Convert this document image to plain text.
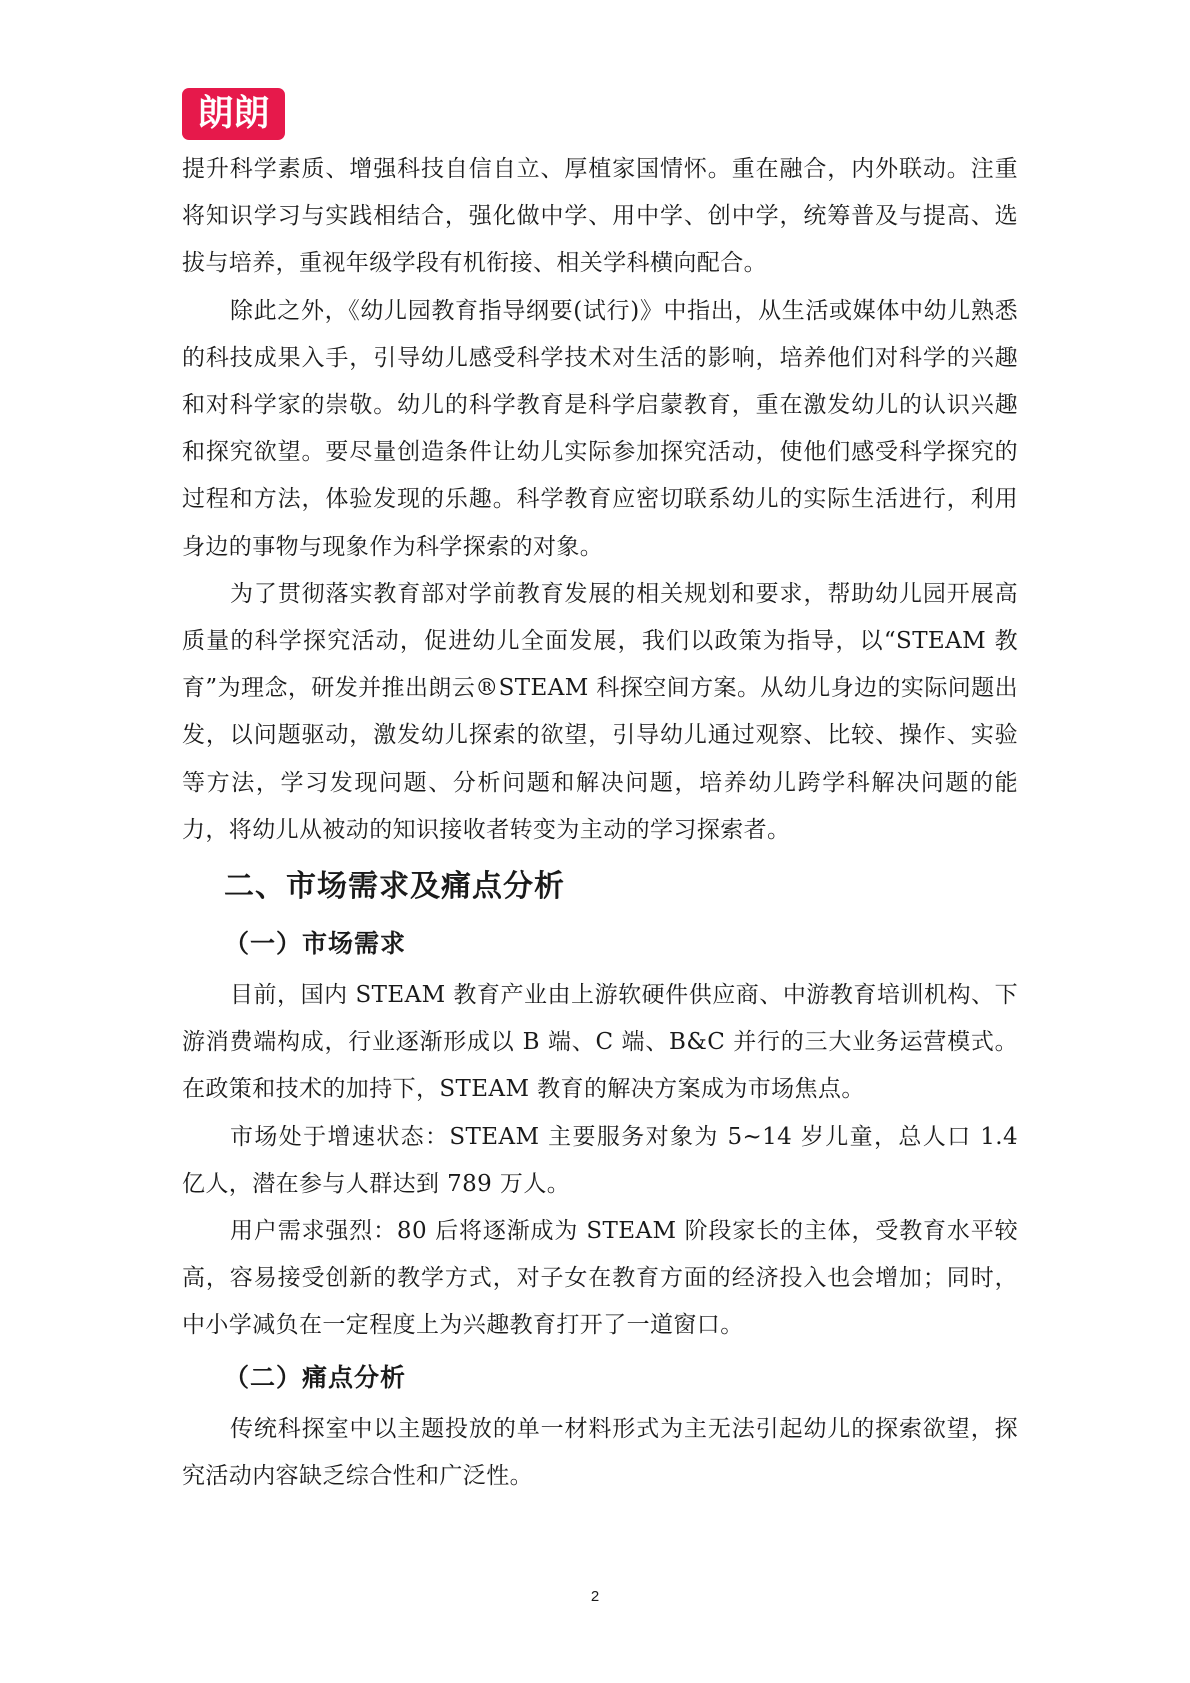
朗朗

提升科学素质、增强科技自信自立、厚植家国情怀。重在融合，内外联动。注重将知识学习与实践相结合，强化做中学、用中学、创中学，统筹普及与提高、选拔与培养，重视年级学段有机衔接、相关学科横向配合。

除此之外，《幼儿园教育指导纲要(试行)》中指出，从生活或媒体中幼儿熟悉的科技成果入手，引导幼儿感受科学技术对生活的影响，培养他们对科学的兴趣和对科学家的崇敬。幼儿的科学教育是科学启蒙教育，重在激发幼儿的认识兴趣和探究欲望。要尽量创造条件让幼儿实际参加探究活动，使他们感受科学探究的过程和方法，体验发现的乐趣。科学教育应密切联系幼儿的实际生活进行，利用身边的事物与现象作为科学探索的对象。

为了贯彻落实教育部对学前教育发展的相关规划和要求，帮助幼儿园开展高质量的科学探究活动，促进幼儿全面发展，我们以政策为指导，以“STEAM 教育”为理念，研发并推出朗云®STEAM 科探空间方案。从幼儿身边的实际问题出发，以问题驱动，激发幼儿探索的欲望，引导幼儿通过观察、比较、操作、实验等方法，学习发现问题、分析问题和解决问题，培养幼儿跨学科解决问题的能力，将幼儿从被动的知识接收者转变为主动的学习探索者。

二、市场需求及痛点分析
（一）市场需求

目前，国内 STEAM 教育产业由上游软硬件供应商、中游教育培训机构、下游消费端构成，行业逐渐形成以 B 端、C 端、B&C 并行的三大业务运营模式。在政策和技术的加持下，STEAM 教育的解决方案成为市场焦点。

市场处于增速状态：STEAM 主要服务对象为 5~14 岁儿童，总人口 1.4 亿人，潜在参与人群达到 789 万人。

用户需求强烈：80 后将逐渐成为 STEAM 阶段家长的主体，受教育水平较高，容易接受创新的教学方式，对子女在教育方面的经济投入也会增加；同时，中小学减负在一定程度上为兴趣教育打开了一道窗口。

（二）痛点分析

传统科探室中以主题投放的单一材料形式为主无法引起幼儿的探索欲望，探究活动内容缺乏综合性和广泛性。

2
